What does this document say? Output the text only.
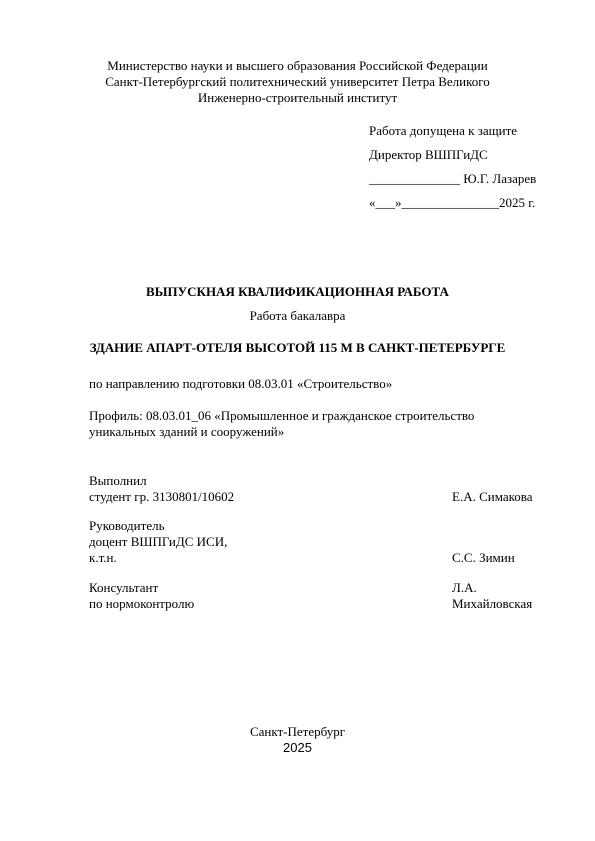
Министерство науки и высшего образования Российской Федерации
Санкт-Петербургский политехнический университет Петра Великого
Инженерно-строительный институт
Работа допущена к защите
Директор ВШПГиДС
______________ Ю.Г. Лазарев
«___»_______________2025 г.
ВЫПУСКНАЯ КВАЛИФИКАЦИОННАЯ РАБОТА
Работа бакалавра
ЗДАНИЕ АПАРТ-ОТЕЛЯ ВЫСОТОЙ 115 М В САНКТ-ПЕТЕРБУРГЕ
по направлению подготовки 08.03.01 «Строительство»
Профиль: 08.03.01_06 «Промышленное и гражданское строительство
уникальных зданий и сооружений»
Выполнил
студент гр. 3130801/10602	Е.А. Симакова
Руководитель
доцент ВШПГиДС ИСИ,
к.т.н.	С.С. Зимин
Консультант
по нормоконтролю
Л.А.
Михайловская
Санкт-Петербург
2025
